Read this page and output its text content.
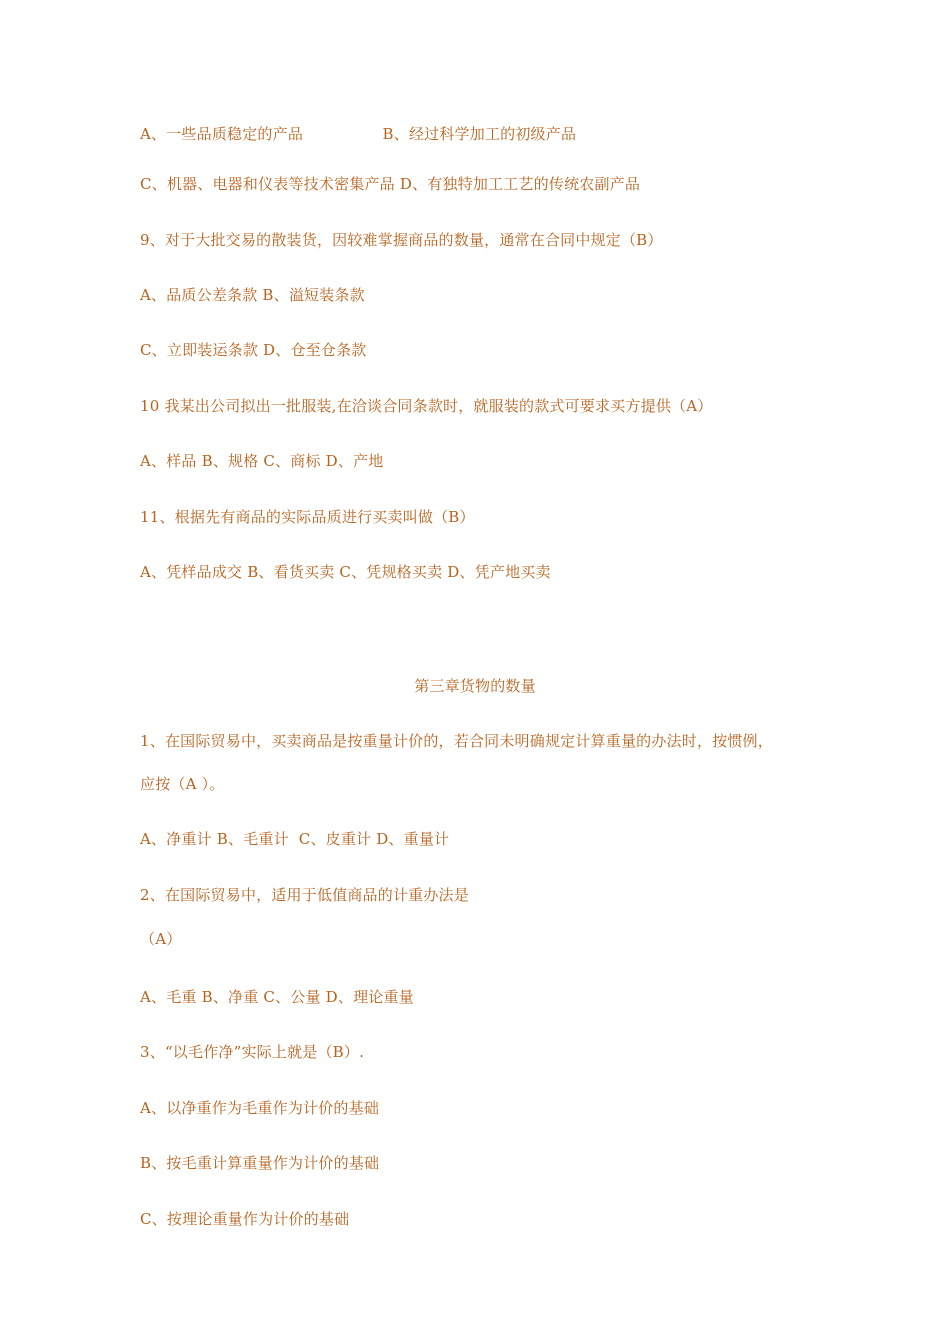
A、一些品质稳定的产品                B、经过科学加工的初级产品
C、机器、电器和仪表等技术密集产品 D、有独特加工工艺的传统农副产品
9、对于大批交易的散装货，因较难掌握商品的数量，通常在合同中规定（B）
A、品质公差条款 B、溢短装条款
C、立即装运条款 D、仓至仓条款
10 我某出公司拟出一批服装,在洽谈合同条款时，就服装的款式可要求买方提供（A）
A、样品 B、规格 C、商标 D、产地
11、根据先有商品的实际品质进行买卖叫做（B）
A、凭样品成交 B、看货买卖 C、凭规格买卖 D、凭产地买卖
第三章货物的数量
1、在国际贸易中，买卖商品是按重量计价的，若合同未明确规定计算重量的办法时，按惯例，
应按（A ）。
A、净重计 B、毛重计  C、皮重计 D、重量计
2、在国际贸易中，适用于低值商品的计重办法是
（A）
A、毛重 B、净重 C、公量 D、理论重量
3、“以毛作净”实际上就是（B）.
A、以净重作为毛重作为计价的基础
B、按毛重计算重量作为计价的基础
C、按理论重量作为计价的基础
